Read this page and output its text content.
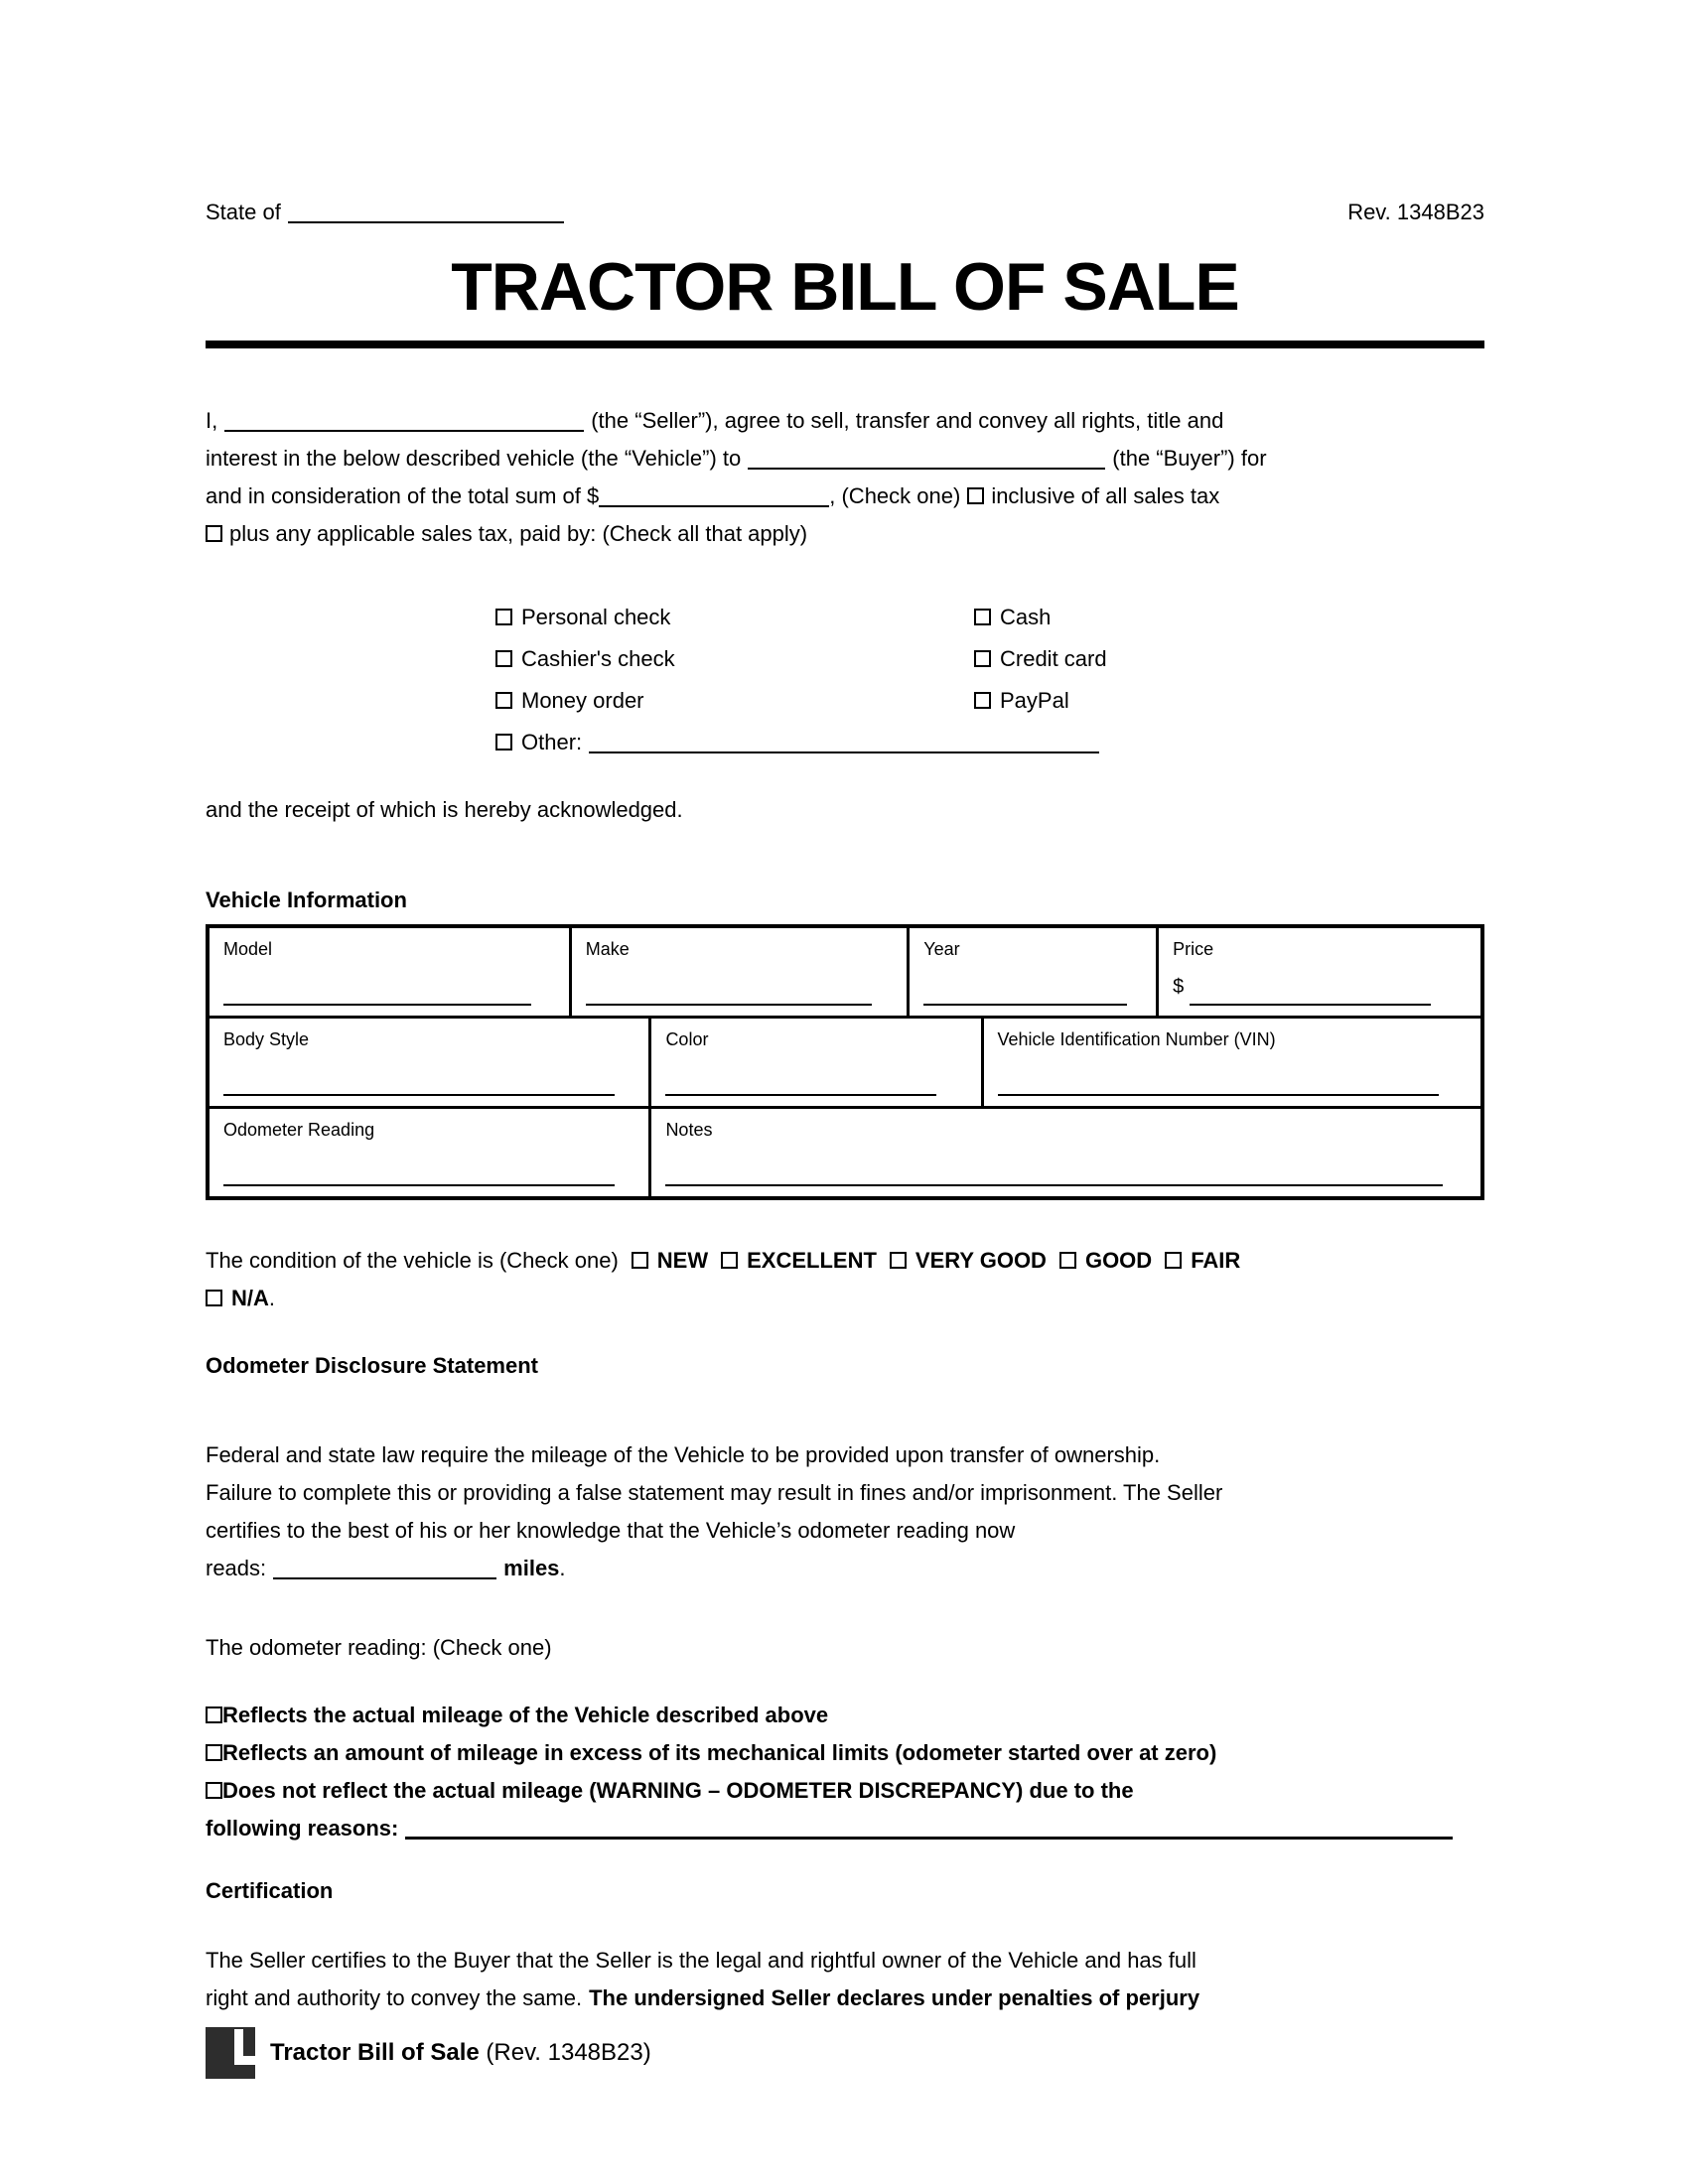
State of	Rev. 1348B23
TRACTOR BILL OF SALE
I,	(the “Seller”), agree to sell, transfer and convey all rights, title and
interest in the below described vehicle (the “Vehicle”) to	(the “Buyer”) for
and in consideration of the total sum of $	, (Check one) inclusive of all sales tax
plus any applicable sales tax, paid by: (Check all that apply)
Personal check	Cash
Cashier's check	Credit card
Money order	PayPal
Other:
and the receipt of which is hereby acknowledged.
Vehicle Information
Model	Make	Year	Price
$
Body Style	Color	Vehicle Identification Number (VIN)
Odometer Reading	Notes
The condition of the vehicle is (Check one) NEW EXCELLENT VERY GOOD GOOD FAIR
N/A.
Odometer Disclosure Statement
Federal and state law require the mileage of the Vehicle to be provided upon transfer of ownership.
Failure to complete this or providing a false statement may result in fines and/or imprisonment. The Seller
certifies to the best of his or her knowledge that the Vehicle’s odometer reading now
reads:	miles.
The odometer reading: (Check one)
Reflects the actual mileage of the Vehicle described above
Reflects an amount of mileage in excess of its mechanical limits (odometer started over at zero)
Does not reflect the actual mileage (WARNING – ODOMETER DISCREPANCY) due to the
following reasons:
Certification
The Seller certifies to the Buyer that the Seller is the legal and rightful owner of the Vehicle and has full
right and authority to convey the same. The undersigned Seller declares under penalties of perjury
Tractor Bill of Sale (Rev. 1348B23)
